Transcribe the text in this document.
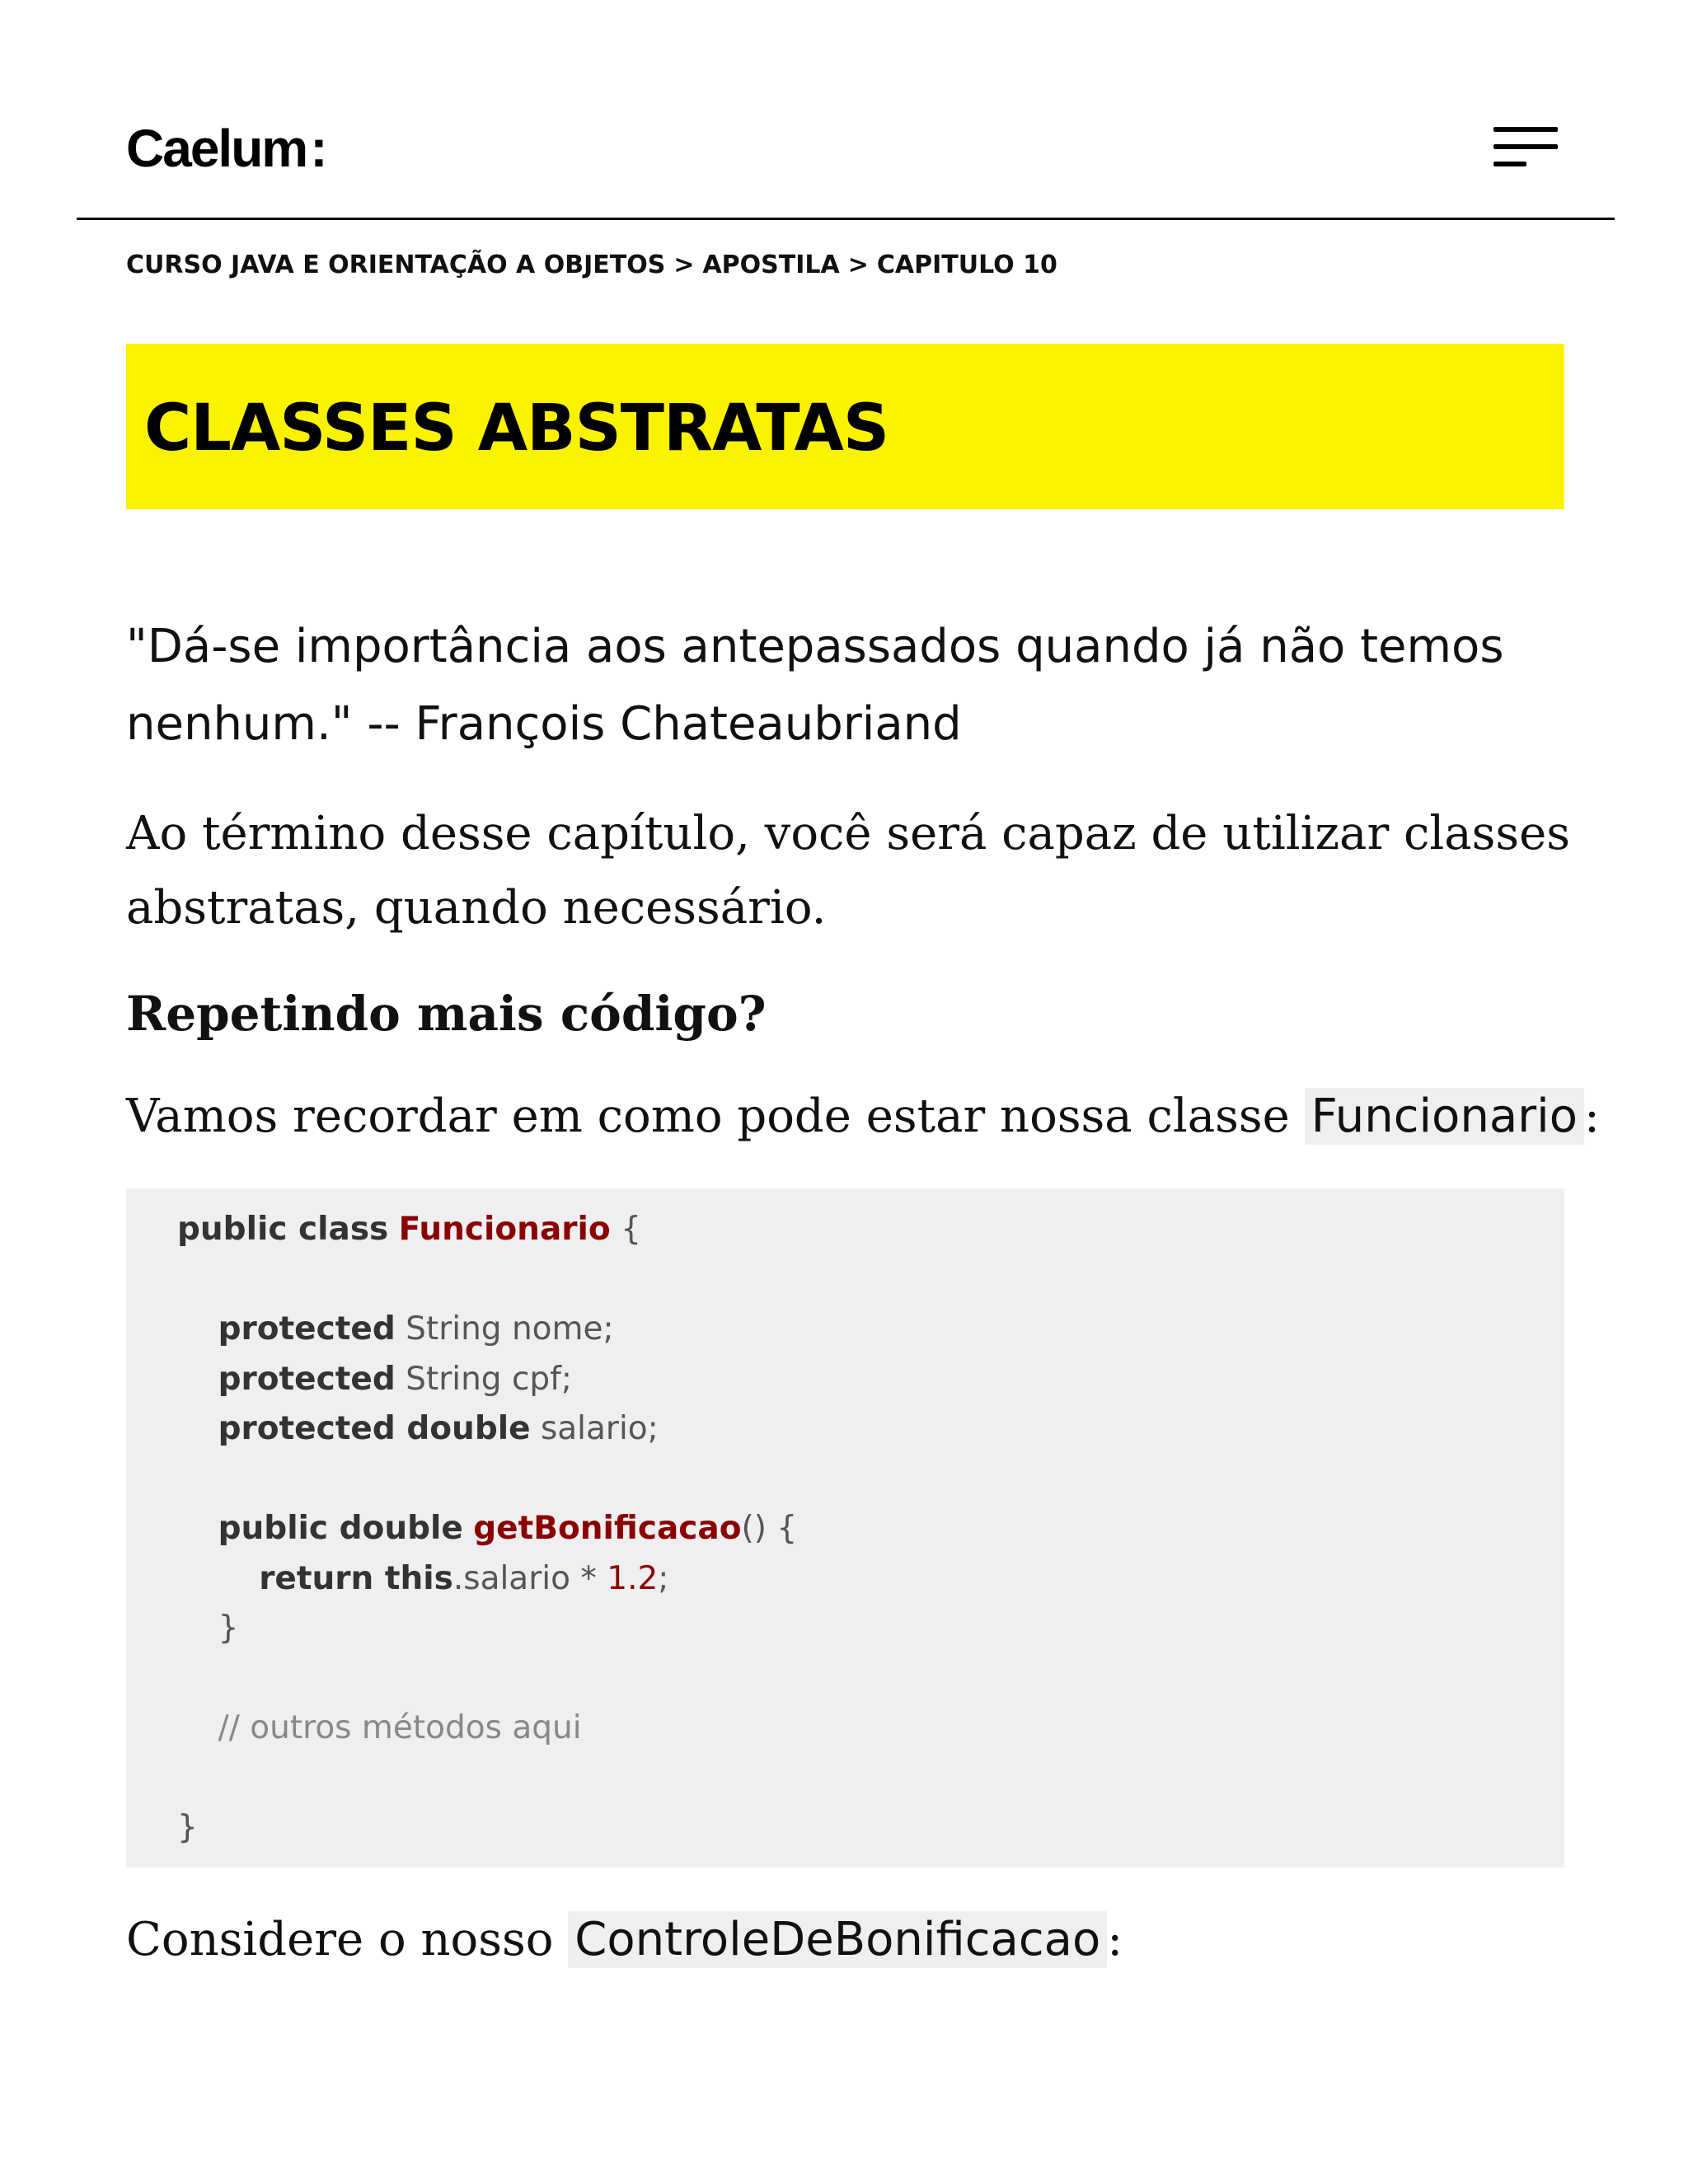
Caelum:
CURSO JAVA E ORIENTAÇÃO A OBJETOS > APOSTILA > CAPITULO 10
CLASSES ABSTRATAS

"Dá-se importância aos antepassados quando já não temos nenhum." -- François Chateaubriand

Ao término desse capítulo, você será capaz de utilizar classes abstratas, quando necessário.

Repetindo mais código?

Vamos recordar em como pode estar nossa classe Funcionario :

public class Funcionario {

protected String nome;
protected String cpf;
protected double salario;

public double getBonificacao() {
return this.salario * 1.2;
}

// outros métodos aqui

}

Considere o nosso ControleDeBonificacao :
